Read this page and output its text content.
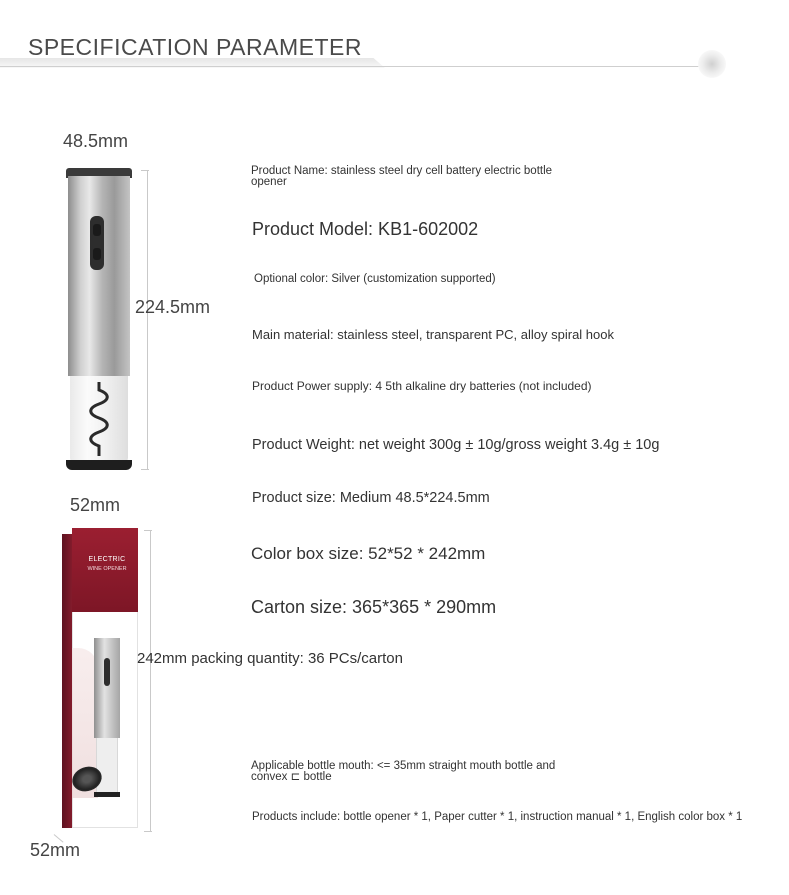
SPECIFICATION PARAMETER
48.5mm
224.5mm
52mm
52mm
ELECTRIC
WINE OPENER
Product Name: stainless steel dry cell battery electric bottle opener
Product Model: KB1-602002
Optional color: Silver (customization supported)
Main material: stainless steel, transparent PC, alloy spiral hook
Product Power supply: 4 5th alkaline dry batteries (not included)
Product Weight: net weight 300g ± 10g/gross weight 3.4g ± 10g
Product size: Medium 48.5*224.5mm
Color box size: 52*52 * 242mm
Carton size: 365*365 * 290mm
242mm packing quantity: 36 PCs/carton
Applicable bottle mouth: <= 35mm straight mouth bottle and convex ⊏ bottle
Products include: bottle opener * 1, Paper cutter * 1, instruction manual * 1, English color box * 1
